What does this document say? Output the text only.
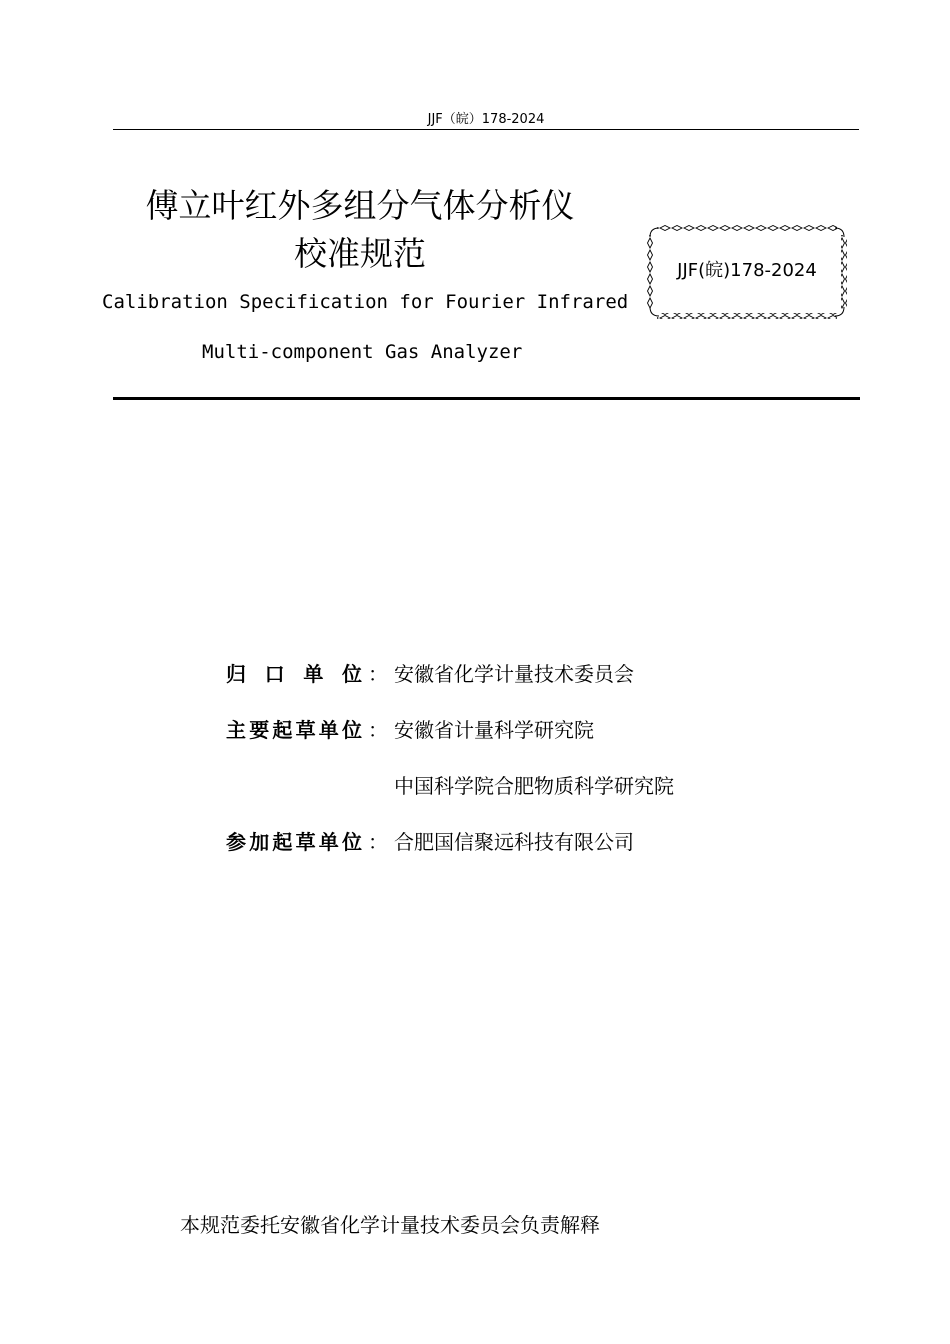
JJF（皖）178-2024
傅立叶红外多组分气体分析仪
校准规范
Calibration Specification for Fourier Infrared
Multi-component Gas Analyzer
JJF(皖)178-2024
归 口 单 位 ： 安徽省化学计量技术委员会
主要起草单位 ： 安徽省计量科学研究院
中国科学院合肥物质科学研究院
参加起草单位 ： 合肥国信聚远科技有限公司
本规范委托安徽省化学计量技术委员会负责解释
